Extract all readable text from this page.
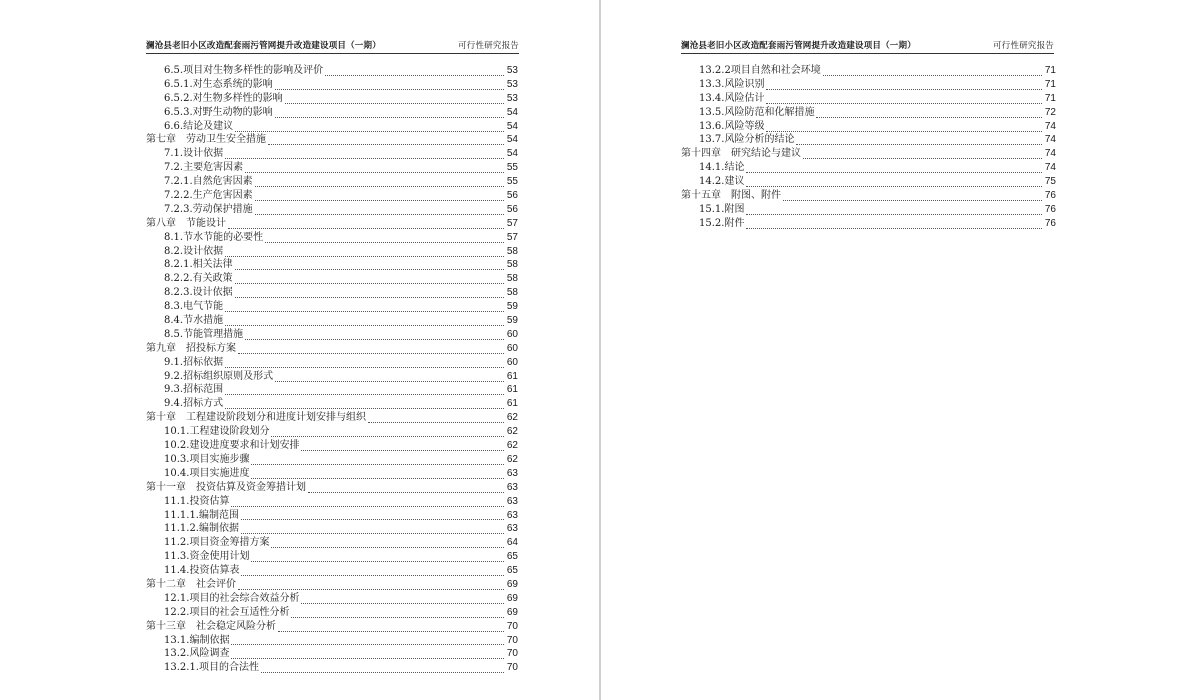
澜沧县老旧小区改造配套雨污管网提升改造建设项目（一期）	可行性研究报告
6.5.项目对生物多样性的影响及评价	53
6.5.1.对生态系统的影响	53
6.5.2.对生物多样性的影响	53
6.5.3.对野生动物的影响	54
6.6.结论及建议	54
第七章　劳动卫生安全措施	54
7.1.设计依据	54
7.2.主要危害因素	55
7.2.1.自然危害因素	55
7.2.2.生产危害因素	56
7.2.3.劳动保护措施	56
第八章　节能设计	57
8.1.节水节能的必要性	57
8.2.设计依据	58
8.2.1.相关法律	58
8.2.2.有关政策	58
8.2.3.设计依据	58
8.3.电气节能	59
8.4.节水措施	59
8.5.节能管理措施	60
第九章　招投标方案	60
9.1.招标依据	60
9.2.招标组织原则及形式	61
9.3.招标范围	61
9.4.招标方式	61
第十章　工程建设阶段划分和进度计划安排与组织	62
10.1.工程建设阶段划分	62
10.2.建设进度要求和计划安排	62
10.3.项目实施步骤	62
10.4.项目实施进度	63
第十一章　投资估算及资金筹措计划	63
11.1.投资估算	63
11.1.1.编制范围	63
11.1.2.编制依据	63
11.2.项目资金筹措方案	64
11.3.资金使用计划	65
11.4.投资估算表	65
第十二章　社会评价	69
12.1.项目的社会综合效益分析	69
12.2.项目的社会互适性分析	69
第十三章　社会稳定风险分析	70
13.1.编制依据	70
13.2.风险调查	70
13.2.1.项目的合法性	70
澜沧县老旧小区改造配套雨污管网提升改造建设项目（一期）	可行性研究报告
13.2.2项目自然和社会环境	71
13.3.风险识别	71
13.4.风险估计	71
13.5.风险防范和化解措施	72
13.6.风险等级	74
13.7.风险分析的结论	74
第十四章　研究结论与建议	74
14.1.结论	74
14.2.建议	75
第十五章　附图、附件	76
15.1.附图	76
15.2.附件	76
